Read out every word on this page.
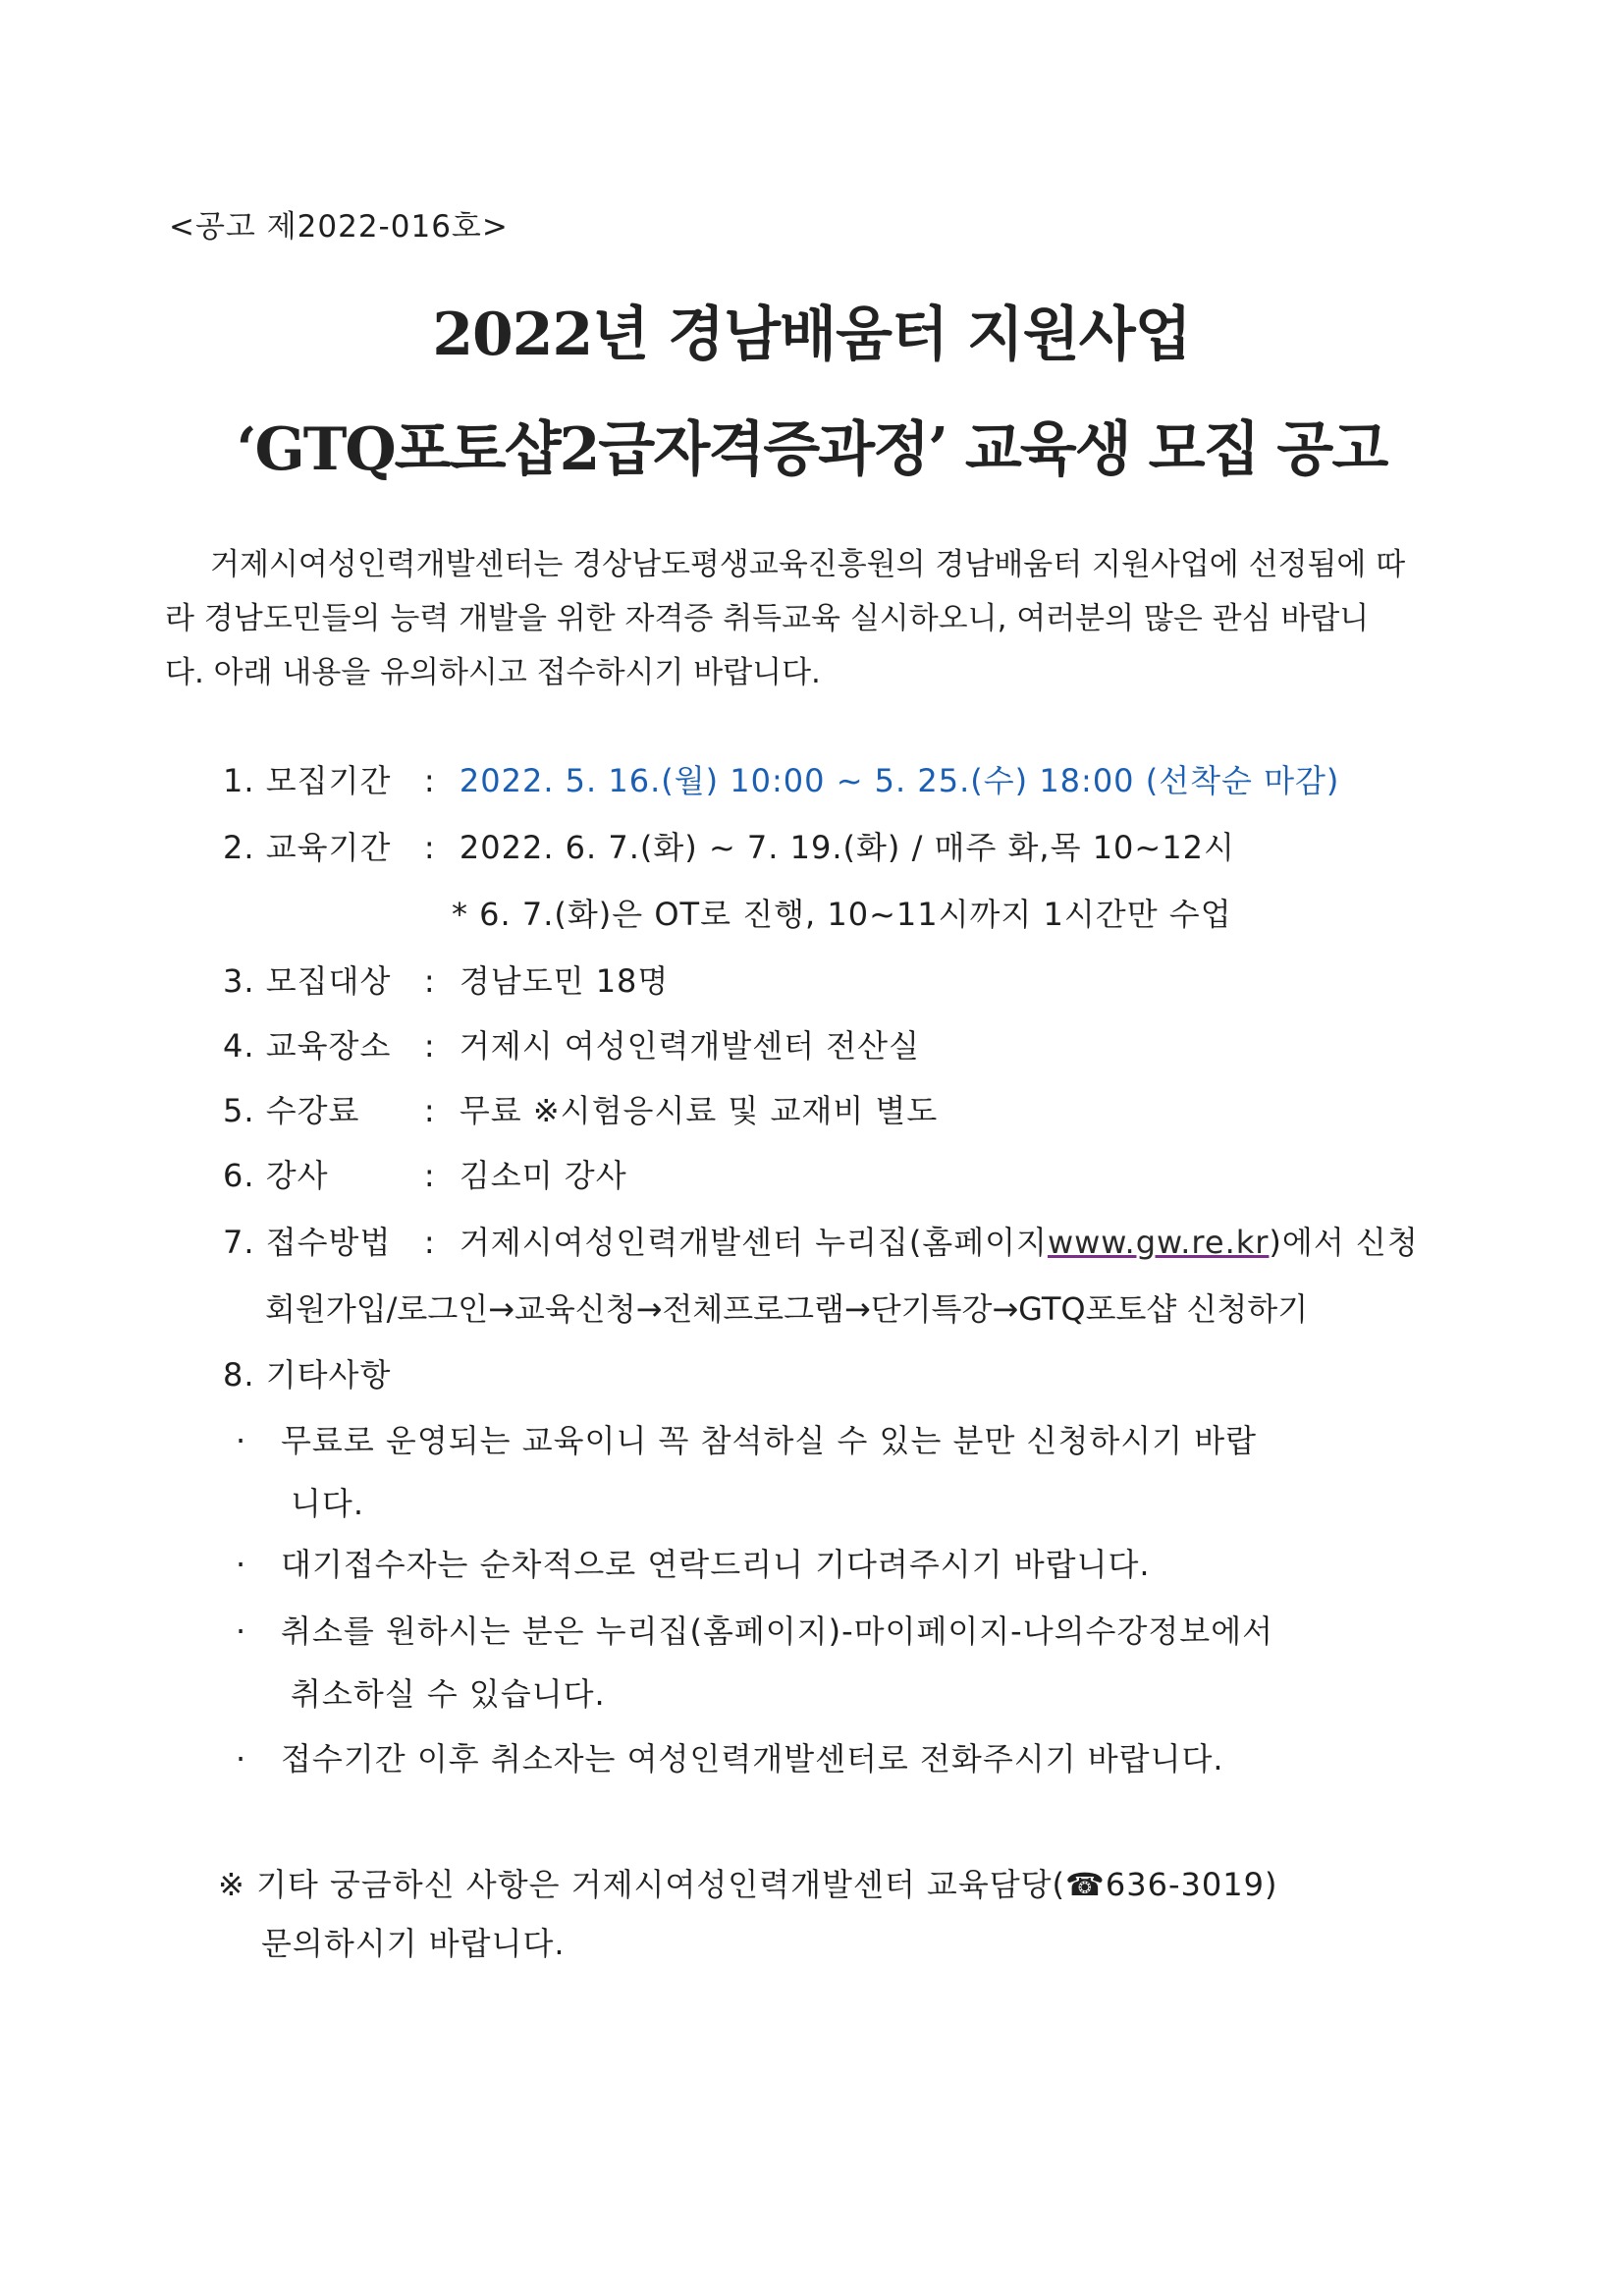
<공고 제2022-016호>
2022년 경남배움터 지원사업
‘GTQ포토샵2급자격증과정’ 교육생 모집 공고

거제시여성인력개발센터는 경상남도평생교육진흥원의 경남배움터 지원사업에 선정됨에 따

라 경남도민들의 능력 개발을 위한 자격증 취득교육 실시하오니, 여러분의 많은 관심 바랍니

다. 아래 내용을 유의하시고 접수하시기 바랍니다.

1. 모집기간 : 2022. 5. 16.(월) 10:00 ~ 5. 25.(수) 18:00 (선착순 마감)
2. 교육기간 : 2022. 6. 7.(화) ~ 7. 19.(화) / 매주 화,목 10~12시
* 6. 7.(화)은 OT로 진행, 10~11시까지 1시간만 수업
3. 모집대상 : 경남도민 18명
4. 교육장소 : 거제시 여성인력개발센터 전산실
5. 수강료 : 무료 ※시험응시료 및 교재비 별도
6. 강사	: 김소미 강사
7. 접수방법 : 거제시여성인력개발센터 누리집(홈페이지www.gw.re.kr)에서 신청
회원가입/로그인→교육신청→전체프로그램→단기특강→GTQ포토샵 신청하기
8. 기타사항
· 무료로 운영되는 교육이니 꼭 참석하실 수 있는 분만 신청하시기 바랍
니다.
· 대기접수자는 순차적으로 연락드리니 기다려주시기 바랍니다.
· 취소를 원하시는 분은 누리집(홈페이지)-마이페이지-나의수강정보에서
취소하실 수 있습니다.
· 접수기간 이후 취소자는 여성인력개발센터로 전화주시기 바랍니다.
※ 기타 궁금하신 사항은 거제시여성인력개발센터 교육담당(☎636-3019)
문의하시기 바랍니다.
